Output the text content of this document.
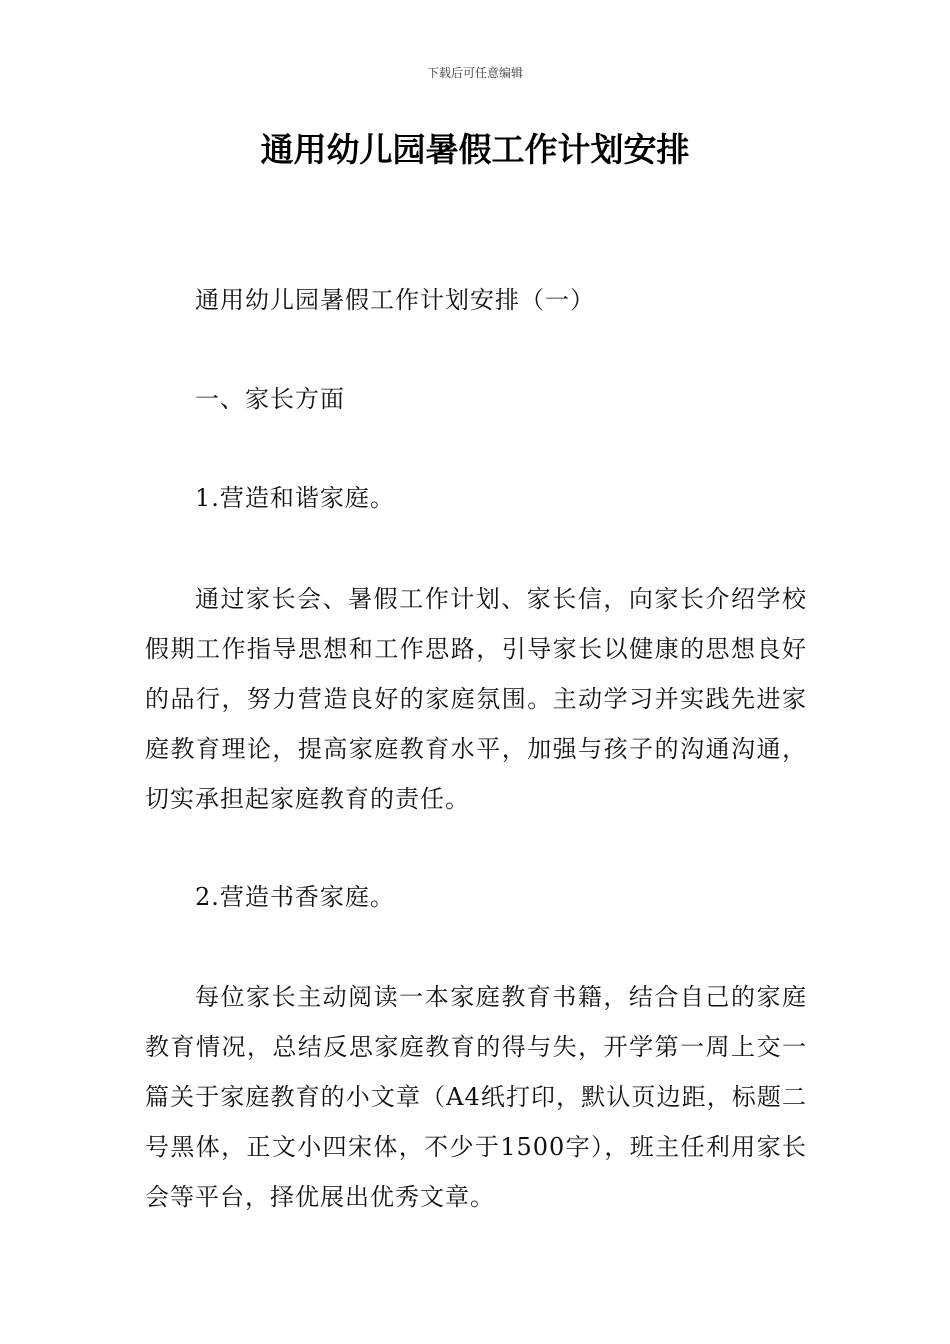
下载后可任意编辑
通用幼儿园暑假工作计划安排

通用幼儿园暑假工作计划安排（一）

一、家长方面

1.营造和谐家庭。

通过家长会、暑假工作计划、家长信，向家长介绍学校假期工作指导思想和工作思路，引导家长以健康的思想良好的品行，努力营造良好的家庭氛围。主动学习并实践先进家庭教育理论，提高家庭教育水平，加强与孩子的沟通沟通，切实承担起家庭教育的责任。

2.营造书香家庭。

每位家长主动阅读一本家庭教育书籍，结合自己的家庭教育情况，总结反思家庭教育的得与失，开学第一周上交一篇关于家庭教育的小文章（A4纸打印，默认页边距，标题二号黑体，正文小四宋体，不少于1500字），班主任利用家长会等平台，择优展出优秀文章。
